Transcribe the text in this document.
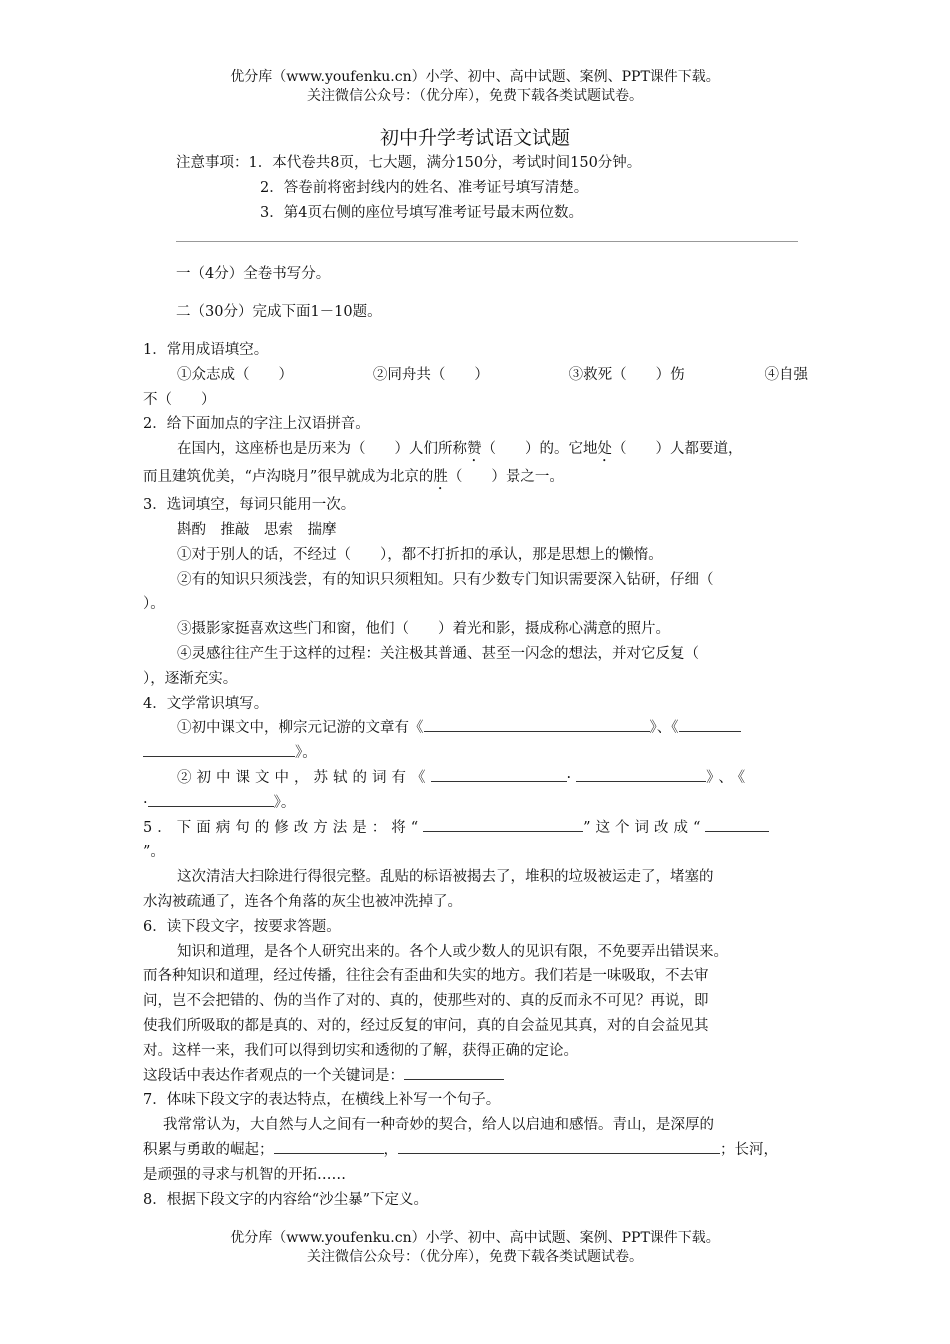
优分库（www.youfenku.cn）小学、初中、高中试题、案例、PPT课件下载。
关注微信公众号：（优分库），免费下载各类试题试卷。
初中升学考试语文试题
注意事项：1．本代卷共8页，七大题，满分150分，考试时间150分钟。
2．答卷前将密封线内的姓名、准考证号填写清楚。
3．第4页右侧的座位号填写准考证号最末两位数。
一（4分）全卷书写分。
二（30分）完成下面1－10题。

1．常用成语填空。

①众志成（　　）	②同舟共（　　）	③救死（　　）伤	④自强

不（　　）

2．给下面加点的字注上汉语拼音。

在国内，这座桥也是历来为（　　）人们所称赞（　　）的。它地处（　　）人都要道，

而且建筑优美，“卢沟晓月”很早就成为北京的胜（　　）景之一。

3．选词填空，每词只能用一次。

斟酌　推敲　思索　揣摩

①对于别人的话，不经过（　　），都不打折扣的承认，那是思想上的懒惰。

②有的知识只须浅尝，有的知识只须粗知。只有少数专门知识需要深入钻研，仔细（

）。

③摄影家挺喜欢这些门和窗，他们（　　）着光和影，摄成称心满意的照片。

④灵感往往产生于这样的过程：关注极其普通、甚至一闪念的想法，并对它反复（

），逐渐充实。

4．文学常识填写。

①初中课文中，柳宗元记游的文章有《	》、《

》。

②初中课文中，苏轼的词有《	·	》、《

·	》。

5．下面病句的修改方法是：将“	”这个词改成“

”。

这次清洁大扫除进行得很完整。乱贴的标语被揭去了，堆积的垃圾被运走了，堵塞的

水沟被疏通了，连各个角落的灰尘也被冲洗掉了。

6．读下段文字，按要求答题。

知识和道理，是各个人研究出来的。各个人或少数人的见识有限，不免要弄出错误来。

而各种知识和道理，经过传播，往往会有歪曲和失实的地方。我们若是一味吸取，不去审

问，岂不会把错的、伪的当作了对的、真的，使那些对的、真的反而永不可见？再说，即

使我们所吸取的都是真的、对的，经过反复的审问，真的自会益见其真，对的自会益见其

对。这样一来，我们可以得到切实和透彻的了解，获得正确的定论。

这段话中表达作者观点的一个关键词是：

7．体味下段文字的表达特点，在横线上补写一个句子。

我常常认为，大自然与人之间有一种奇妙的契合，给人以启迪和感悟。青山，是深厚的

积累与勇敢的崛起；	，	；长河，

是顽强的寻求与机智的开拓……

8．根据下段文字的内容给“沙尘暴”下定义。

优分库（www.youfenku.cn）小学、初中、高中试题、案例、PPT课件下载。
关注微信公众号：（优分库），免费下载各类试题试卷。
